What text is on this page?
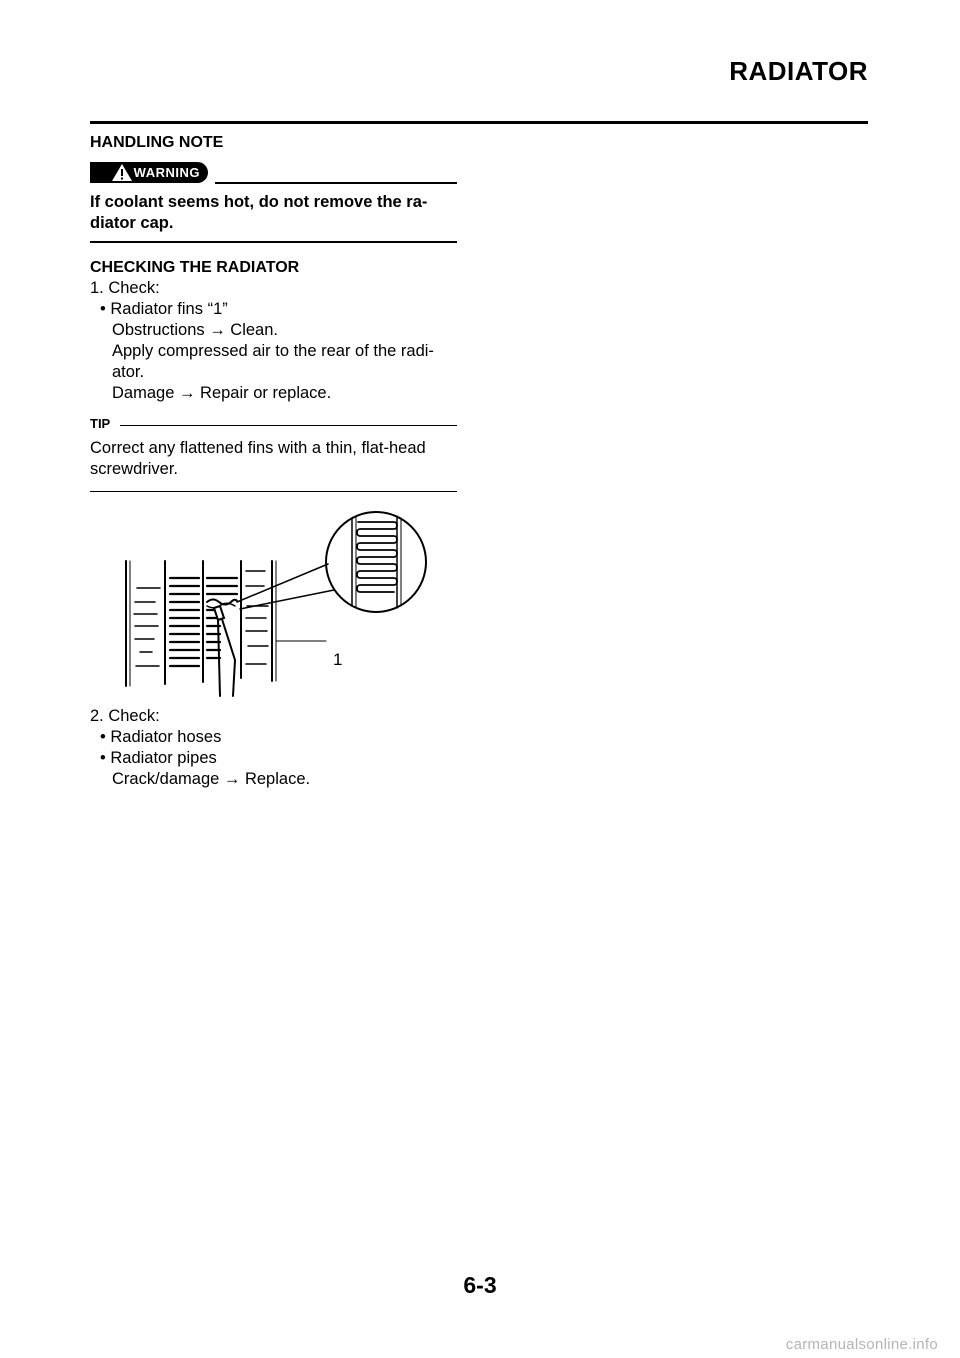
RADIATOR

HANDLING NOTE

WARNING

If coolant seems hot, do not remove the ra-
diator cap.

CHECKING THE RADIATOR

1. Check:

• Radiator fins “1”

Obstructions → Clean.

Apply compressed air to the rear of the radi-

ator.

Damage → Repair or replace.

TIP

Correct any flattened fins with a thin, flat-head
screwdriver.

1

2. Check:

• Radiator hoses

• Radiator pipes

Crack/damage → Replace.

6-3
carmanualsonline.info
